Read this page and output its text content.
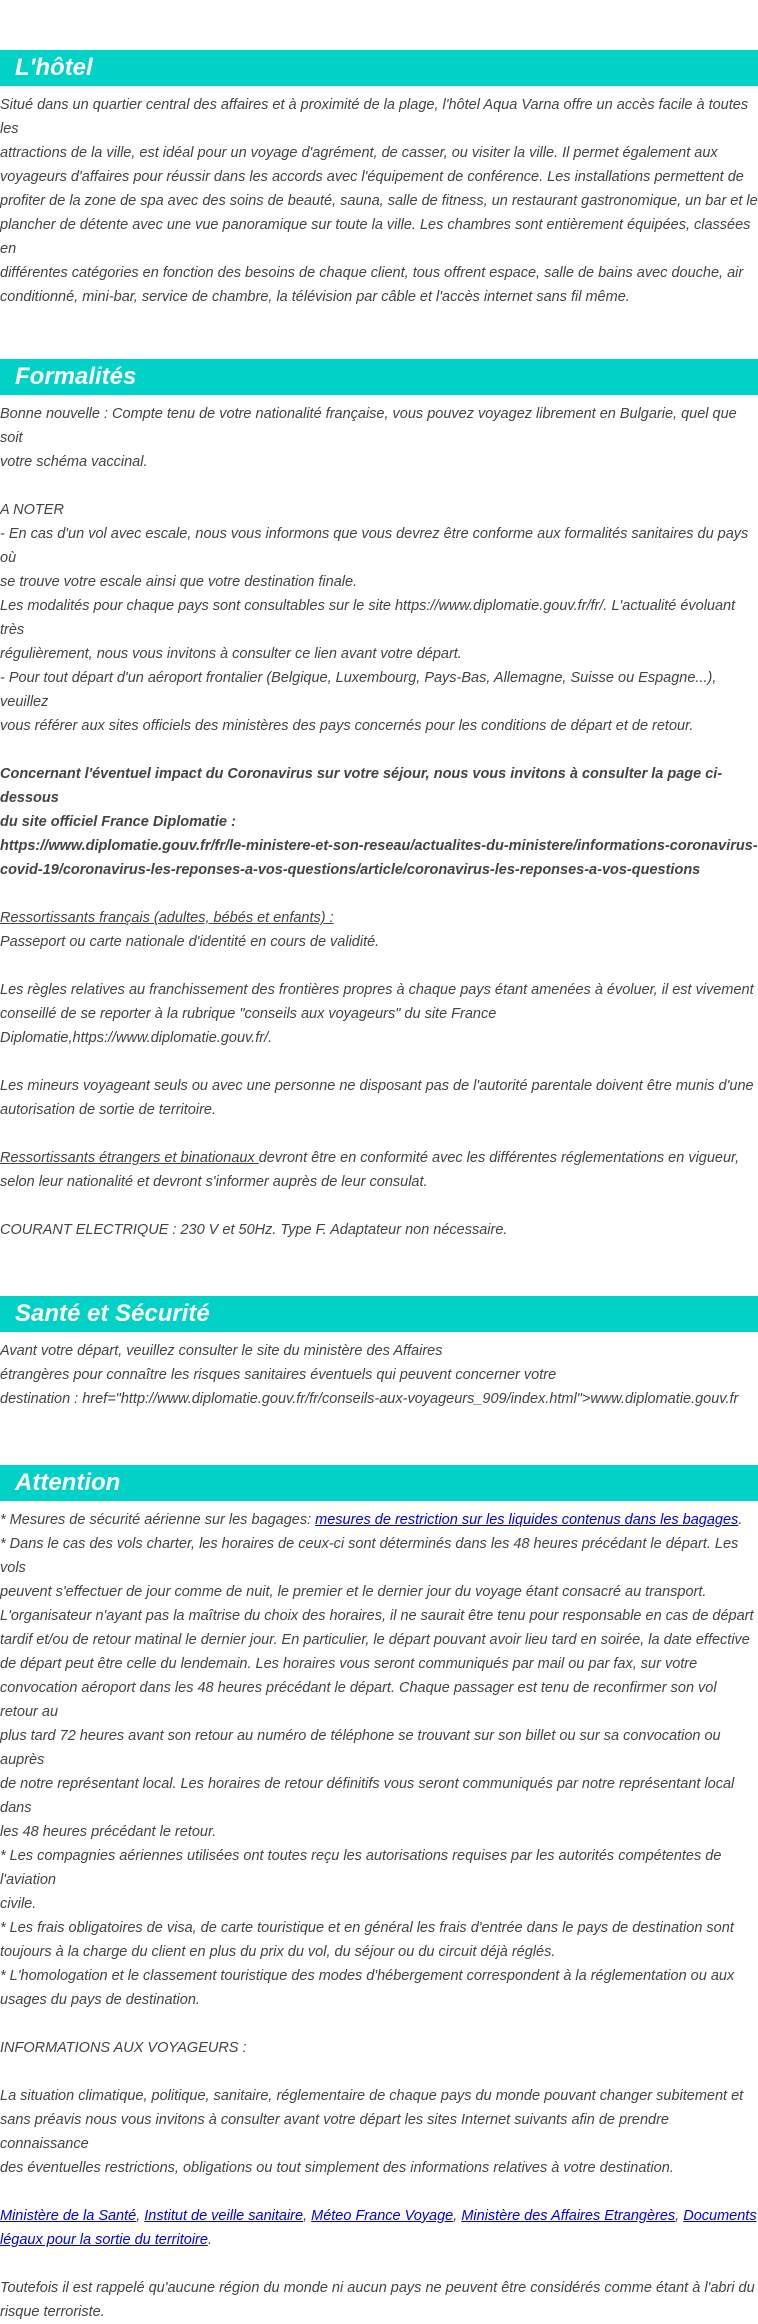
L'hôtel

Situé dans un quartier central des affaires et à proximité de la plage, l'hôtel Aqua Varna offre un accès facile à toutes les

attractions de la ville, est idéal pour un voyage d'agrément, de casser, ou visiter la ville. Il permet également aux

voyageurs d'affaires pour réussir dans les accords avec l'équipement de conférence. Les installations permettent de

profiter de la zone de spa avec des soins de beauté, sauna, salle de fitness, un restaurant gastronomique, un bar et le

plancher de détente avec une vue panoramique sur toute la ville. Les chambres sont entièrement équipées, classées en

différentes catégories en fonction des besoins de chaque client, tous offrent espace, salle de bains avec douche, air

conditionné, mini-bar, service de chambre, la télévision par câble et l'accès internet sans fil même.

Formalités

Bonne nouvelle : Compte tenu de votre nationalité française, vous pouvez voyagez librement en Bulgarie, quel que soit

votre schéma vaccinal.

A NOTER

- En cas d'un vol avec escale, nous vous informons que vous devrez être conforme aux formalités sanitaires du pays où

se trouve votre escale ainsi que votre destination finale.

Les modalités pour chaque pays sont consultables sur le site https://www.diplomatie.gouv.fr/fr/. L'actualité évoluant très

régulièrement, nous vous invitons à consulter ce lien avant votre départ.

- Pour tout départ d'un aéroport frontalier (Belgique, Luxembourg, Pays-Bas, Allemagne, Suisse ou Espagne...), veuillez

vous référer aux sites officiels des ministères des pays concernés pour les conditions de départ et de retour.

Concernant l'éventuel impact du Coronavirus sur votre séjour, nous vous invitons à consulter la page ci-dessous

du site officiel France Diplomatie :

https://www.diplomatie.gouv.fr/fr/le-ministere-et-son-reseau/actualites-du-ministere/informations-coronavirus-

covid-19/coronavirus-les-reponses-a-vos-questions/article/coronavirus-les-reponses-a-vos-questions

Ressortissants français (adultes, bébés et enfants) :

Passeport ou carte nationale d'identité en cours de validité.

Les règles relatives au franchissement des frontières propres à chaque pays étant amenées à évoluer, il est vivement

conseillé de se reporter à la rubrique "conseils aux voyageurs" du site France

Diplomatie,https://www.diplomatie.gouv.fr/.

Les mineurs voyageant seuls ou avec une personne ne disposant pas de l'autorité parentale doivent être munis d'une

autorisation de sortie de territoire.

Ressortissants étrangers et binationaux devront être en conformité avec les différentes réglementations en vigueur,

selon leur nationalité et devront s'informer auprès de leur consulat.

COURANT ELECTRIQUE : 230 V et 50Hz. Type F. Adaptateur non nécessaire.

Santé et Sécurité

Avant votre départ, veuillez consulter le site du ministère des Affaires

étrangères pour connaître les risques sanitaires éventuels qui peuvent concerner votre

destination : href="http://www.diplomatie.gouv.fr/fr/conseils-aux-voyageurs_909/index.html">www.diplomatie.gouv.fr

Attention

* Mesures de sécurité aérienne sur les bagages: mesures de restriction sur les liquides contenus dans les bagages.

* Dans le cas des vols charter, les horaires de ceux-ci sont déterminés dans les 48 heures précédant le départ. Les vols

peuvent s'effectuer de jour comme de nuit, le premier et le dernier jour du voyage étant consacré au transport.

L'organisateur n'ayant pas la maîtrise du choix des horaires, il ne saurait être tenu pour responsable en cas de départ

tardif et/ou de retour matinal le dernier jour. En particulier, le départ pouvant avoir lieu tard en soirée, la date effective

de départ peut être celle du lendemain. Les horaires vous seront communiqués par mail ou par fax, sur votre

convocation aéroport dans les 48 heures précédant le départ. Chaque passager est tenu de reconfirmer son vol retour au

plus tard 72 heures avant son retour au numéro de téléphone se trouvant sur son billet ou sur sa convocation ou auprès

de notre représentant local. Les horaires de retour définitifs vous seront communiqués par notre représentant local dans

les 48 heures précédant le retour.

* Les compagnies aériennes utilisées ont toutes reçu les autorisations requises par les autorités compétentes de l'aviation

civile.

* Les frais obligatoires de visa, de carte touristique et en général les frais d'entrée dans le pays de destination sont

toujours à la charge du client en plus du prix du vol, du séjour ou du circuit déjà réglés.

* L'homologation et le classement touristique des modes d'hébergement correspondent à la réglementation ou aux

usages du pays de destination.

INFORMATIONS AUX VOYAGEURS :

La situation climatique, politique, sanitaire, réglementaire de chaque pays du monde pouvant changer subitement et

sans préavis nous vous invitons à consulter avant votre départ les sites Internet suivants afin de prendre connaissance

des éventuelles restrictions, obligations ou tout simplement des informations relatives à votre destination.

Ministère de la Santé, Institut de veille sanitaire, Méteo France Voyage, Ministère des Affaires Etrangères, Documents

légaux pour la sortie du territoire.

Toutefois il est rappelé qu'aucune région du monde ni aucun pays ne peuvent être considérés comme étant à l'abri du

risque terroriste.
